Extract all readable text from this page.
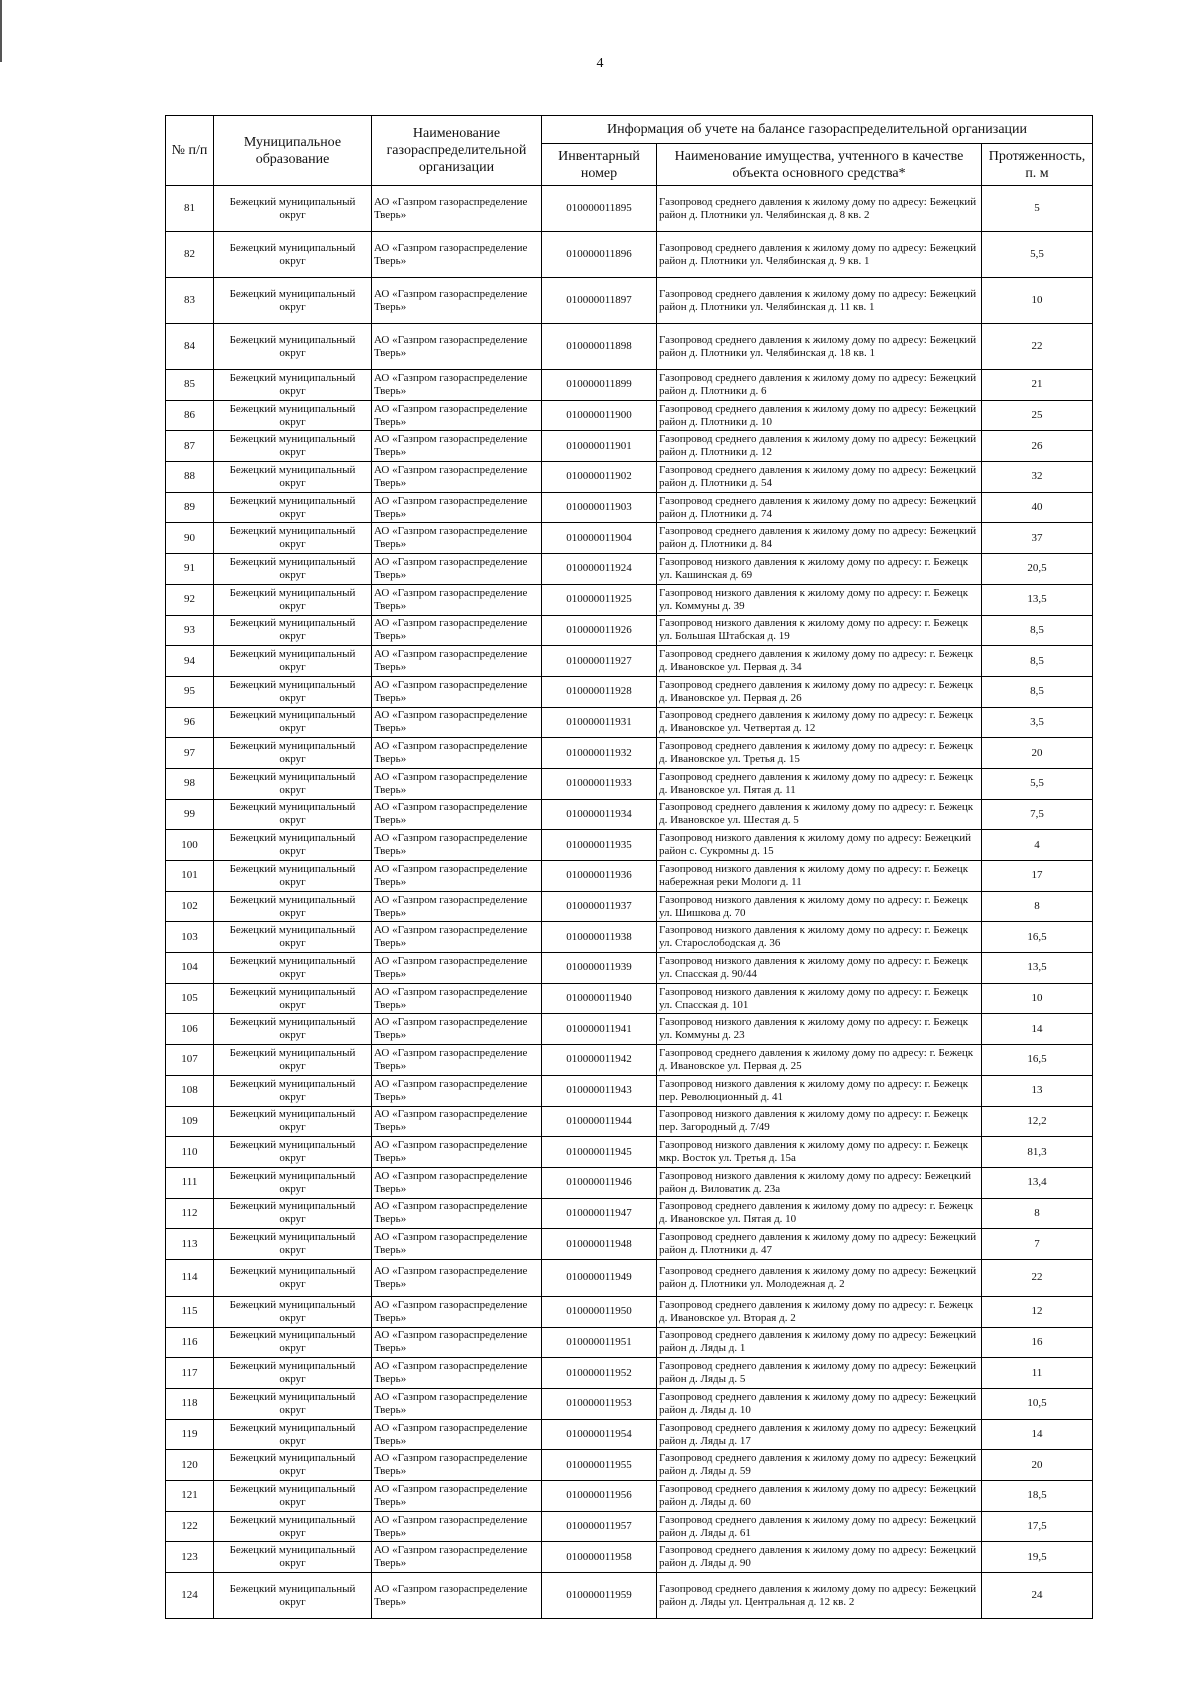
4
№ п/п	Муниципальное образование	Наименование газораспределительной организации	Информация об учете на балансе газораспределительной организации		
			Инвентарный номер	Наименование имущества, учтенного в качестве объекта основного средства*	Протяженность, п. м
81	Бежецкий муниципальный округ	АО «Газпром газораспределение Тверь»	010000011895	Газопровод среднего давления к жилому дому по адресу: Бежецкий район д. Плотники ул. Челябинская д. 8 кв. 2	5
82	Бежецкий муниципальный округ	АО «Газпром газораспределение Тверь»	010000011896	Газопровод среднего давления к жилому дому по адресу: Бежецкий район д. Плотники ул. Челябинская д. 9 кв. 1	5,5
83	Бежецкий муниципальный округ	АО «Газпром газораспределение Тверь»	010000011897	Газопровод среднего давления к жилому дому по адресу: Бежецкий район д. Плотники ул. Челябинская д. 11 кв. 1	10
84	Бежецкий муниципальный округ	АО «Газпром газораспределение Тверь»	010000011898	Газопровод среднего давления к жилому дому по адресу: Бежецкий район д. Плотники ул. Челябинская д. 18 кв. 1	22
85	Бежецкий муниципальный округ	АО «Газпром газораспределение Тверь»	010000011899	Газопровод среднего давления к жилому дому по адресу: Бежецкий район д. Плотники д. 6	21
86	Бежецкий муниципальный округ	АО «Газпром газораспределение Тверь»	010000011900	Газопровод среднего давления к жилому дому по адресу: Бежецкий район д. Плотники д. 10	25
87	Бежецкий муниципальный округ	АО «Газпром газораспределение Тверь»	010000011901	Газопровод среднего давления к жилому дому по адресу: Бежецкий район д. Плотники д. 12	26
88	Бежецкий муниципальный округ	АО «Газпром газораспределение Тверь»	010000011902	Газопровод среднего давления к жилому дому по адресу: Бежецкий район д. Плотники д. 54	32
89	Бежецкий муниципальный округ	АО «Газпром газораспределение Тверь»	010000011903	Газопровод среднего давления к жилому дому по адресу: Бежецкий район д. Плотники д. 74	40
90	Бежецкий муниципальный округ	АО «Газпром газораспределение Тверь»	010000011904	Газопровод среднего давления к жилому дому по адресу: Бежецкий район д. Плотники д. 84	37
91	Бежецкий муниципальный округ	АО «Газпром газораспределение Тверь»	010000011924	Газопровод низкого давления к жилому дому по адресу: г. Бежецк ул. Кашинская д. 69	20,5
92	Бежецкий муниципальный округ	АО «Газпром газораспределение Тверь»	010000011925	Газопровод низкого давления к жилому дому по адресу: г. Бежецк ул. Коммуны д. 39	13,5
93	Бежецкий муниципальный округ	АО «Газпром газораспределение Тверь»	010000011926	Газопровод низкого давления к жилому дому по адресу: г. Бежецк ул. Большая Штабская д. 19	8,5
94	Бежецкий муниципальный округ	АО «Газпром газораспределение Тверь»	010000011927	Газопровод среднего давления к жилому дому по адресу: г. Бежецк д. Ивановское ул. Первая д. 34	8,5
95	Бежецкий муниципальный округ	АО «Газпром газораспределение Тверь»	010000011928	Газопровод среднего давления к жилому дому по адресу: г. Бежецк д. Ивановское ул. Первая д. 26	8,5
96	Бежецкий муниципальный округ	АО «Газпром газораспределение Тверь»	010000011931	Газопровод среднего давления к жилому дому по адресу: г. Бежецк д. Ивановское ул. Четвертая д. 12	3,5
97	Бежецкий муниципальный округ	АО «Газпром газораспределение Тверь»	010000011932	Газопровод среднего давления к жилому дому по адресу: г. Бежецк д. Ивановское ул. Третья д. 15	20
98	Бежецкий муниципальный округ	АО «Газпром газораспределение Тверь»	010000011933	Газопровод среднего давления к жилому дому по адресу: г. Бежецк д. Ивановское ул. Пятая д. 11	5,5
99	Бежецкий муниципальный округ	АО «Газпром газораспределение Тверь»	010000011934	Газопровод среднего давления к жилому дому по адресу: г. Бежецк д. Ивановское ул. Шестая д. 5	7,5
100	Бежецкий муниципальный округ	АО «Газпром газораспределение Тверь»	010000011935	Газопровод низкого давления к жилому дому по адресу: Бежецкий район с. Сукромны д. 15	4
101	Бежецкий муниципальный округ	АО «Газпром газораспределение Тверь»	010000011936	Газопровод низкого давления к жилому дому по адресу: г. Бежецк набережная реки Мологи д. 11	17
102	Бежецкий муниципальный округ	АО «Газпром газораспределение Тверь»	010000011937	Газопровод низкого давления к жилому дому по адресу: г. Бежецк ул. Шишкова д. 70	8
103	Бежецкий муниципальный округ	АО «Газпром газораспределение Тверь»	010000011938	Газопровод низкого давления к жилому дому по адресу: г. Бежецк ул. Старослободская д. 36	16,5
104	Бежецкий муниципальный округ	АО «Газпром газораспределение Тверь»	010000011939	Газопровод низкого давления к жилому дому по адресу: г. Бежецк ул. Спасская д. 90/44	13,5
105	Бежецкий муниципальный округ	АО «Газпром газораспределение Тверь»	010000011940	Газопровод низкого давления к жилому дому по адресу: г. Бежецк ул. Спасская д. 101	10
106	Бежецкий муниципальный округ	АО «Газпром газораспределение Тверь»	010000011941	Газопровод низкого давления к жилому дому по адресу: г. Бежецк ул. Коммуны д. 23	14
107	Бежецкий муниципальный округ	АО «Газпром газораспределение Тверь»	010000011942	Газопровод среднего давления к жилому дому по адресу: г. Бежецк д. Ивановское ул. Первая д. 25	16,5
108	Бежецкий муниципальный округ	АО «Газпром газораспределение Тверь»	010000011943	Газопровод низкого давления к жилому дому по адресу: г. Бежецк пер. Революционный д. 41	13
109	Бежецкий муниципальный округ	АО «Газпром газораспределение Тверь»	010000011944	Газопровод низкого давления к жилому дому по адресу: г. Бежецк пер. Загородный д. 7/49	12,2
110	Бежецкий муниципальный округ	АО «Газпром газораспределение Тверь»	010000011945	Газопровод низкого давления к жилому дому по адресу: г. Бежецк мкр. Восток ул. Третья д. 15а	81,3
111	Бежецкий муниципальный округ	АО «Газпром газораспределение Тверь»	010000011946	Газопровод низкого давления к жилому дому по адресу: Бежецкий район д. Виловатик д. 23а	13,4
112	Бежецкий муниципальный округ	АО «Газпром газораспределение Тверь»	010000011947	Газопровод среднего давления к жилому дому по адресу: г. Бежецк д. Ивановское ул. Пятая д. 10	8
113	Бежецкий муниципальный округ	АО «Газпром газораспределение Тверь»	010000011948	Газопровод среднего давления к жилому дому по адресу: Бежецкий район д. Плотники д. 47	7
114	Бежецкий муниципальный округ	АО «Газпром газораспределение Тверь»	010000011949	Газопровод среднего давления к жилому дому по адресу: Бежецкий район д. Плотники ул. Молодежная д. 2	22
115	Бежецкий муниципальный округ	АО «Газпром газораспределение Тверь»	010000011950	Газопровод среднего давления к жилому дому по адресу: г. Бежецк д. Ивановское ул. Вторая д. 2	12
116	Бежецкий муниципальный округ	АО «Газпром газораспределение Тверь»	010000011951	Газопровод среднего давления к жилому дому по адресу: Бежецкий район д. Ляды д. 1	16
117	Бежецкий муниципальный округ	АО «Газпром газораспределение Тверь»	010000011952	Газопровод среднего давления к жилому дому по адресу: Бежецкий район д. Ляды д. 5	11
118	Бежецкий муниципальный округ	АО «Газпром газораспределение Тверь»	010000011953	Газопровод среднего давления к жилому дому по адресу: Бежецкий район д. Ляды д. 10	10,5
119	Бежецкий муниципальный округ	АО «Газпром газораспределение Тверь»	010000011954	Газопровод среднего давления к жилому дому по адресу: Бежецкий район д. Ляды д. 17	14
120	Бежецкий муниципальный округ	АО «Газпром газораспределение Тверь»	010000011955	Газопровод среднего давления к жилому дому по адресу: Бежецкий район д. Ляды д. 59	20
121	Бежецкий муниципальный округ	АО «Газпром газораспределение Тверь»	010000011956	Газопровод среднего давления к жилому дому по адресу: Бежецкий район д. Ляды д. 60	18,5
122	Бежецкий муниципальный округ	АО «Газпром газораспределение Тверь»	010000011957	Газопровод среднего давления к жилому дому по адресу: Бежецкий район д. Ляды д. 61	17,5
123	Бежецкий муниципальный округ	АО «Газпром газораспределение Тверь»	010000011958	Газопровод среднего давления к жилому дому по адресу: Бежецкий район д. Ляды д. 90	19,5
124	Бежецкий муниципальный округ	АО «Газпром газораспределение Тверь»	010000011959	Газопровод среднего давления к жилому дому по адресу: Бежецкий район д. Ляды ул. Центральная д. 12 кв. 2	24
